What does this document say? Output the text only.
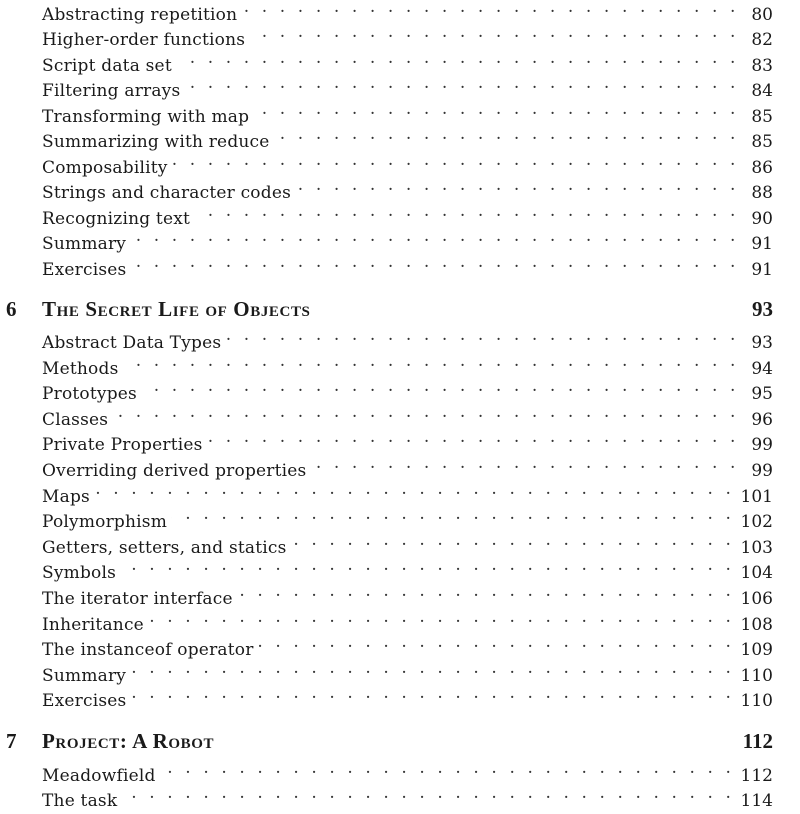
Abstracting repetition . . .	80
Higher-order functions . . .	82
Script data set . . .	83
Filtering arrays . . .	84
Transforming with map . . .	85
Summarizing with reduce . . .	85
Composability . . .	86
Strings and character codes . . .	88
Recognizing text . . .	90
Summary . . .	91
Exercises . . .	91
6	The Secret Life of Objects	93
Abstract Data Types . . .	93
Methods . . .	94
Prototypes . . .	95
Classes . . .	96
Private Properties . . .	99
Overriding derived properties . . .	99
Maps . . .	101
Polymorphism . . .	102
Getters, setters, and statics . . .	103
Symbols . . .	104
The iterator interface . . .	106
Inheritance . . .	108
The instanceof operator . . .	109
Summary . . .	110
Exercises . . .	110
7	Project: A Robot	112
Meadowfield . . .	112
The task . . .	114
